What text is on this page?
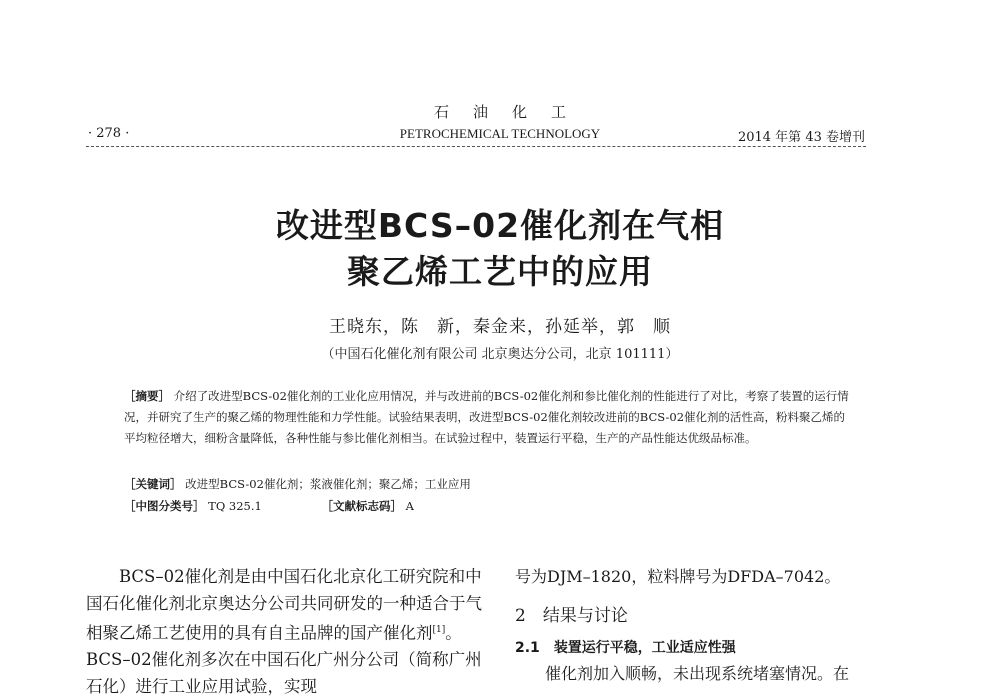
石油化工
· 278 ·	PETROCHEMICAL TECHNOLOGY	2014 年第 43 卷增刊
改进型BCS–02催化剂在气相
聚乙烯工艺中的应用
王晓东，陈　新，秦金来，孙延举，郭　顺
（中国石化催化剂有限公司 北京奥达分公司，北京 101111）

［摘要］ 介绍了改进型BCS-02催化剂的工业化应用情况，并与改进前的BCS-02催化剂和参比催化剂的性能进行了对比，考察了装置的运行情况，并研究了生产的聚乙烯的物理性能和力学性能。试验结果表明，改进型BCS-02催化剂较改进前的BCS-02催化剂的活性高，粉料聚乙烯的平均粒径增大，细粉含量降低，各种性能与参比催化剂相当。在试验过程中，装置运行平稳，生产的产品性能达优级品标准。

［关键词］ 改进型BCS-02催化剂；浆液催化剂；聚乙烯；工业应用
［中图分类号］ TQ 325.1	［文献标志码］ A

BCS–02催化剂是由中国石化北京化工研究院和中国石化催化剂北京奥达分公司共同研发的一种适合于气相聚乙烯工艺使用的具有自主品牌的国产催化剂[1]。BCS–02催化剂多次在中国石化广州分公司（简称广州石化）进行工业应用试验，实现

号为DJM–1820，粒料牌号为DFDA–7042。
2　结果与讨论
2.1 装置运行平稳，工业适应性强
催化剂加入顺畅，未出现系统堵塞情况。在
